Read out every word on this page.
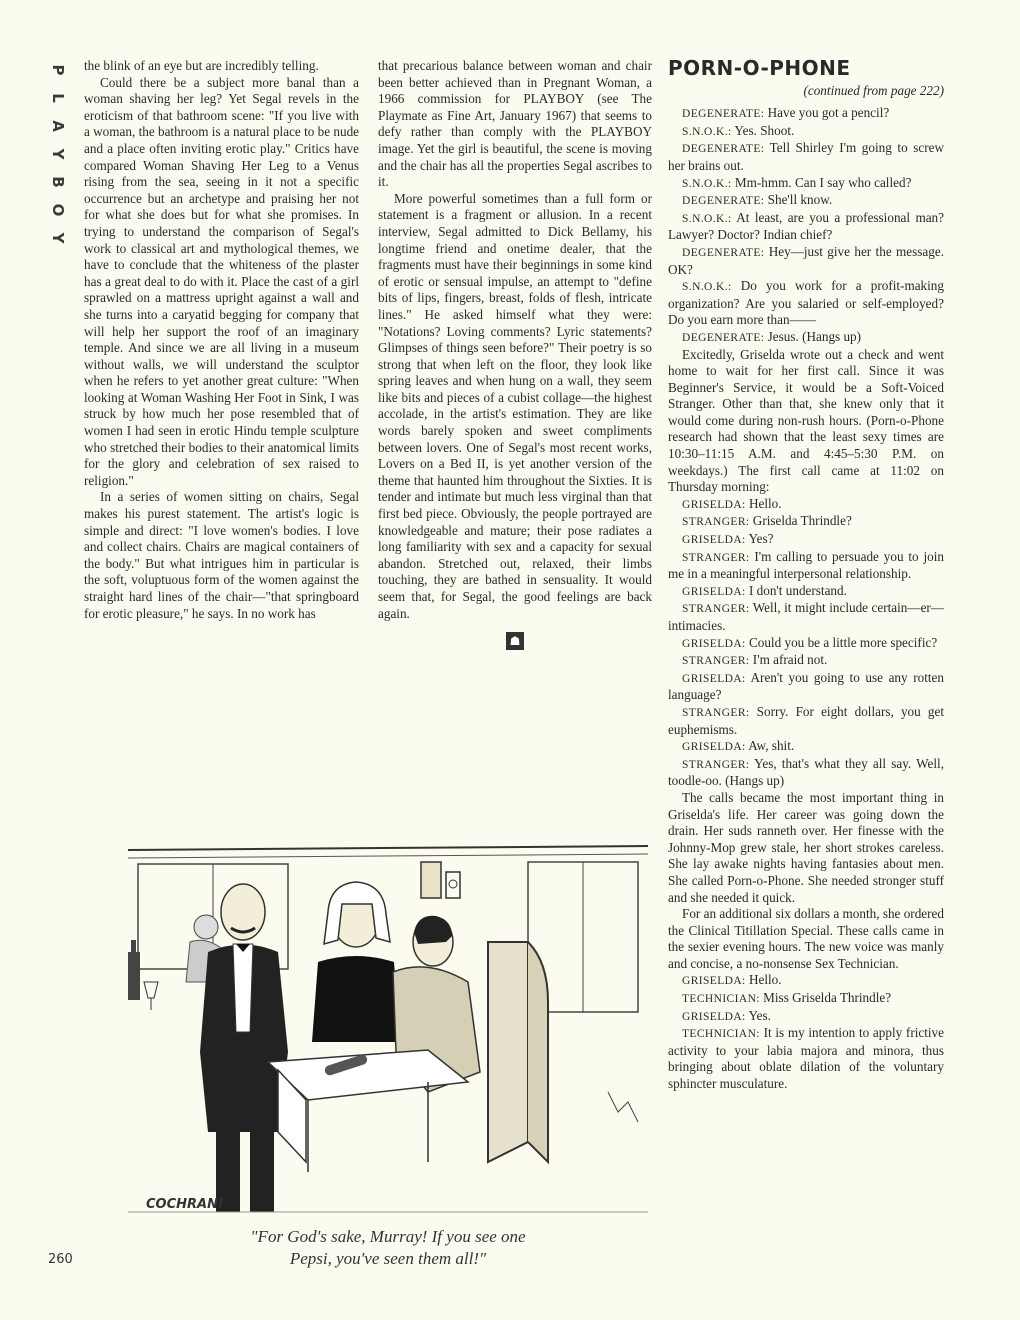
P
L
A
Y
B
O
Y

the blink of an eye but are incredibly telling.

Could there be a subject more banal than a woman shaving her leg? Yet Segal revels in the eroticism of that bathroom scene: "If you live with a woman, the bathroom is a natural place to be nude and a place often inviting erotic play." Critics have compared Woman Shaving Her Leg to a Venus rising from the sea, seeing in it not a specific occurrence but an archetype and praising her not for what she does but for what she promises. In trying to understand the comparison of Segal's work to classical art and mythological themes, we have to conclude that the whiteness of the plaster has a great deal to do with it. Place the cast of a girl sprawled on a mattress upright against a wall and she turns into a caryatid begging for company that will help her support the roof of an imaginary temple. And since we are all living in a museum without walls, we will understand the sculptor when he refers to yet another great culture: "When looking at Woman Washing Her Foot in Sink, I was struck by how much her pose resembled that of women I had seen in erotic Hindu temple sculpture who stretched their bodies to their anatomical limits for the glory and celebration of sex raised to religion."

In a series of women sitting on chairs, Segal makes his purest statement. The artist's logic is simple and direct: "I love women's bodies. I love and collect chairs. Chairs are magical containers of the body." But what intrigues him in particular is the soft, voluptuous form of the women against the straight hard lines of the chair—"that springboard for erotic pleasure," he says. In no work has

that precarious balance between woman and chair been better achieved than in Pregnant Woman, a 1966 commission for PLAYBOY (see The Playmate as Fine Art, January 1967) that seems to defy rather than comply with the PLAYBOY image. Yet the girl is beautiful, the scene is moving and the chair has all the properties Segal ascribes to it.

More powerful sometimes than a full form or statement is a fragment or allusion. In a recent interview, Segal admitted to Dick Bellamy, his longtime friend and onetime dealer, that the fragments must have their beginnings in some kind of erotic or sensual impulse, an attempt to "define bits of lips, fingers, breast, folds of flesh, intricate lines." He asked himself what they were: "Notations? Loving comments? Lyric statements? Glimpses of things seen before?" Their poetry is so strong that when left on the floor, they look like spring leaves and when hung on a wall, they seem like bits and pieces of a cubist collage—the highest accolade, in the artist's estimation. They are like words barely spoken and sweet compliments between lovers. One of Segal's most recent works, Lovers on a Bed II, is yet another version of the theme that haunted him throughout the Sixties. It is tender and intimate but much less virginal than that first bed piece. Obviously, the people portrayed are knowledgeable and mature; their pose radiates a long familiarity with sex and a capacity for sexual abandon. Stretched out, relaxed, their limbs touching, they are bathed in sensuality. It would seem that, for Segal, the good feelings are back again.

☗
PORN-O-PHONE
(continued from page 222)

DEGENERATE: Have you got a pencil?

S.N.O.K.: Yes. Shoot.

DEGENERATE: Tell Shirley I'm going to screw her brains out.

S.N.O.K.: Mm-hmm. Can I say who called?

DEGENERATE: She'll know.

S.N.O.K.: At least, are you a professional man? Lawyer? Doctor? Indian chief?

DEGENERATE: Hey—just give her the message. OK?

S.N.O.K.: Do you work for a profit-making organization? Are you salaried or self-employed? Do you earn more than——

DEGENERATE: Jesus. (Hangs up)

Excitedly, Griselda wrote out a check and went home to wait for her first call. Since it was Beginner's Service, it would be a Soft-Voiced Stranger. Other than that, she knew only that it would come during non-rush hours. (Porn-o-Phone research had shown that the least sexy times are 10:30–11:15 A.M. and 4:45–5:30 P.M. on weekdays.) The first call came at 11:02 on Thursday morning:

GRISELDA: Hello.

STRANGER: Griselda Thrindle?

GRISELDA: Yes?

STRANGER: I'm calling to persuade you to join me in a meaningful interpersonal relationship.

GRISELDA: I don't understand.

STRANGER: Well, it might include certain—er—intimacies.

GRISELDA: Could you be a little more specific?

STRANGER: I'm afraid not.

GRISELDA: Aren't you going to use any rotten language?

STRANGER: Sorry. For eight dollars, you get euphemisms.

GRISELDA: Aw, shit.

STRANGER: Yes, that's what they all say. Well, toodle-oo. (Hangs up)

The calls became the most important thing in Griselda's life. Her career was going down the drain. Her suds ranneth over. Her finesse with the Johnny-Mop grew stale, her short strokes careless. She lay awake nights having fantasies about men. She called Porn-o-Phone. She needed stronger stuff and she needed it quick.

For an additional six dollars a month, she ordered the Clinical Titillation Special. These calls came in the sexier evening hours. The new voice was manly and concise, a no-nonsense Sex Technician.

GRISELDA: Hello.

TECHNICIAN: Miss Griselda Thrindle?

GRISELDA: Yes.

TECHNICIAN: It is my intention to apply frictive activity to your labia majora and minora, thus bringing about oblate dilation of the voluntary sphincter musculature.

COCHRAN!
"For God's sake, Murray! If you see one
Pepsi, you've seen them all!"
260
